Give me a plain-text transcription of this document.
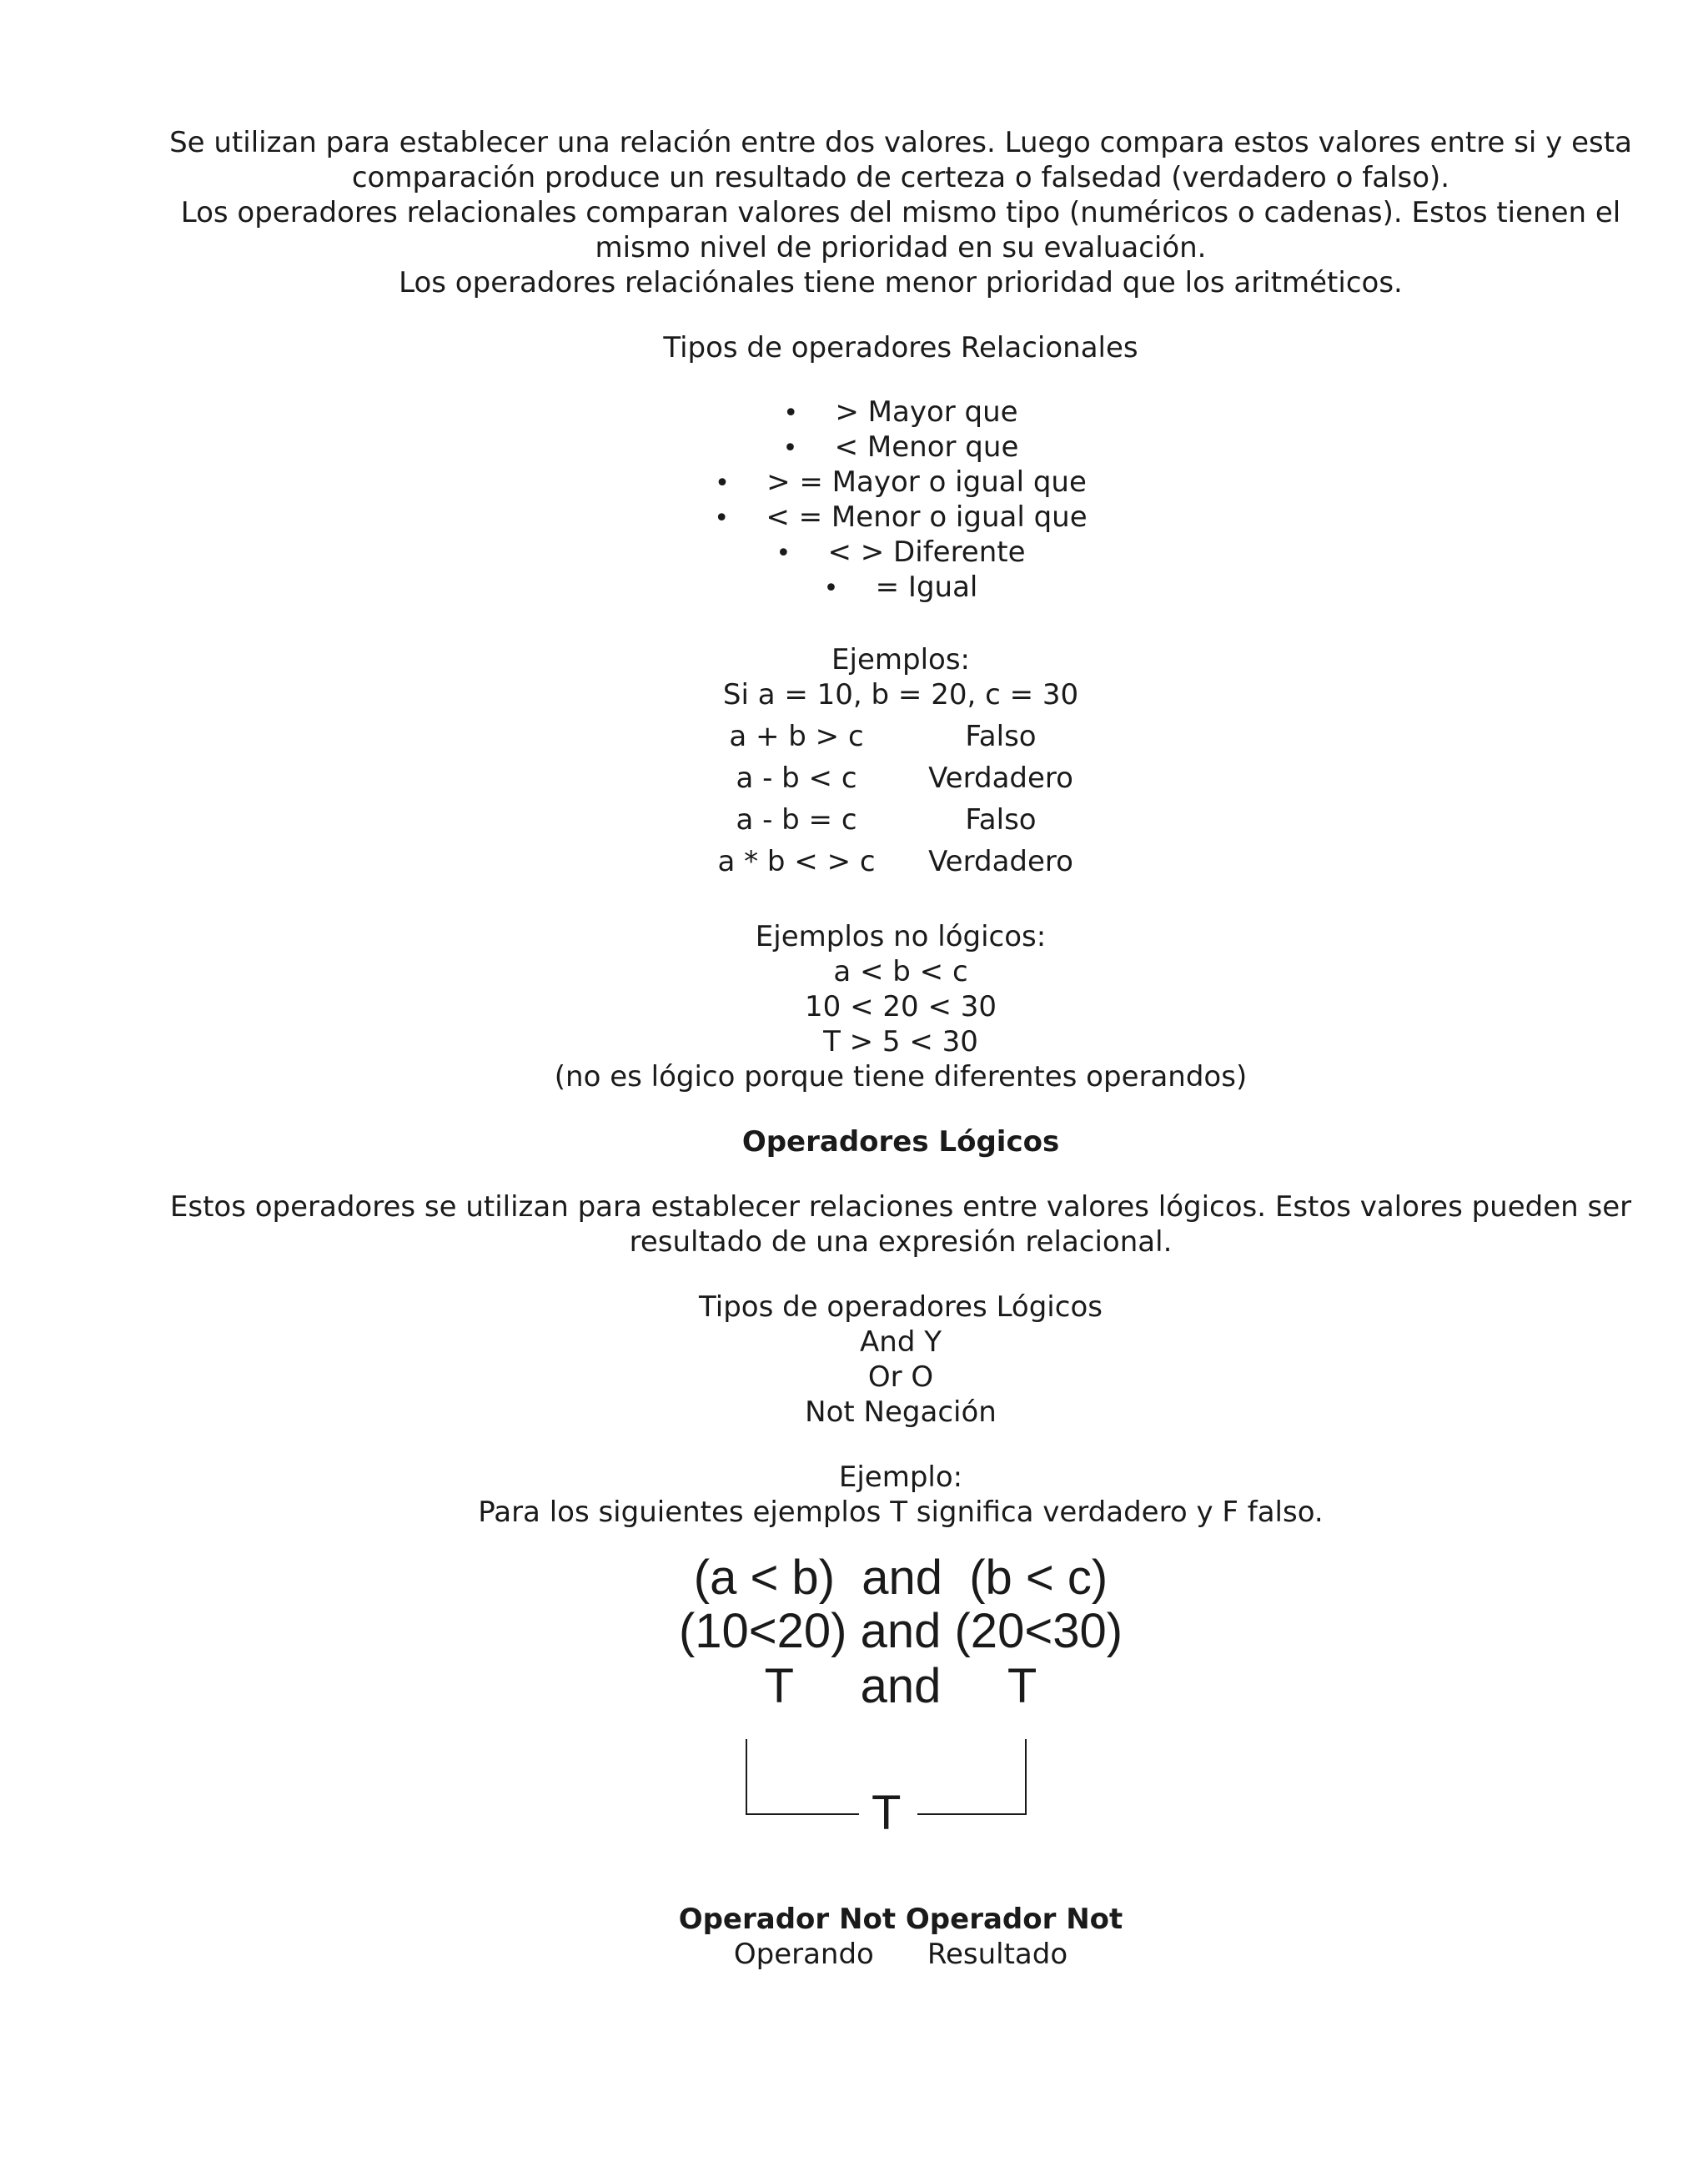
Se utilizan para establecer una relación entre dos valores. Luego compara estos valores entre si y esta

comparación produce un resultado de certeza o falsedad (verdadero o falso).

Los operadores relacionales comparan valores del mismo tipo (numéricos o cadenas). Estos tienen el

mismo nivel de prioridad en su evaluación.

Los operadores relaciónales tiene menor prioridad que los aritméticos.

Tipos de operadores Relacionales

• > Mayor que
• < Menor que
• > = Mayor o igual que
• < = Menor o igual que
• < > Diferente
• = Igual

Ejemplos:

Si a = 10, b = 20, c = 30

a + b > c	Falso
a - b < c	Verdadero
a - b = c	Falso
a * b < > c	Verdadero

Ejemplos no lógicos:

a < b < c

10 < 20 < 30

T > 5 < 30

(no es lógico porque tiene diferentes operandos)

Operadores Lógicos

Estos operadores se utilizan para establecer relaciones entre valores lógicos. Estos valores pueden ser

resultado de una expresión relacional.

Tipos de operadores Lógicos

And Y

Or O

Not Negación

Ejemplo:

Para los siguientes ejemplos T significa verdadero y F falso.

(a < b)  and  (b < c)
(10<20) and (20<30)
T     and     T
T

Operador Not Operador Not

Operando Resultado
